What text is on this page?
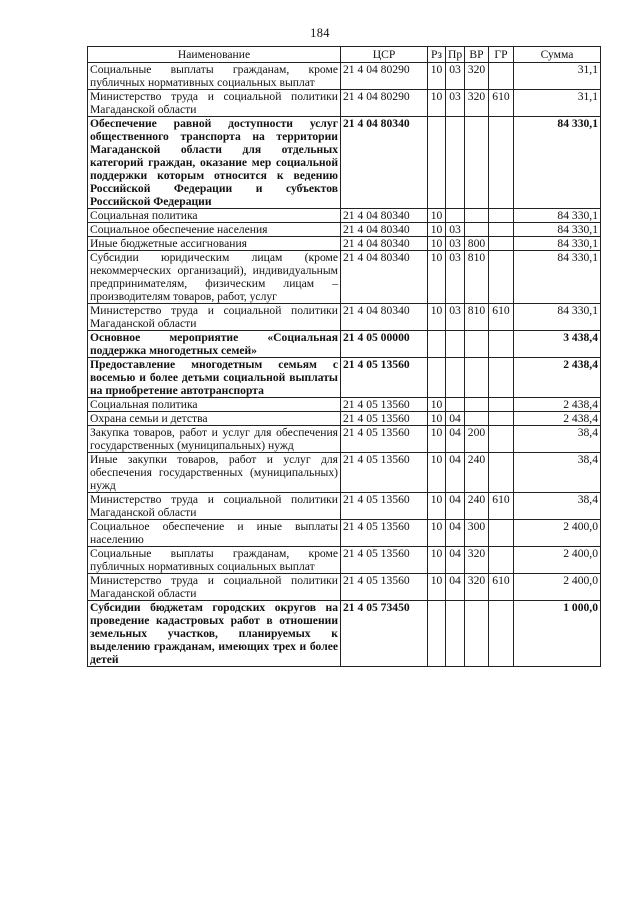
184
Наименование	ЦСР	Рз	Пр	ВР	ГР	Сумма
Социальные выплаты гражданам, кроме публичных нормативных социальных выплат	21 4 04 80290	10	03	320		31,1
Министерство труда и социальной политики Магаданской области	21 4 04 80290	10	03	320	610	31,1
Обеспечение равной доступности услуг общественного транспорта на территории Магаданской области для отдельных категорий граждан, оказание мер социальной поддержки которым относится к ведению Российской Федерации и субъектов Российской Федерации	21 4 04 80340					84 330,1
Социальная политика	21 4 04 80340	10				84 330,1
Социальное обеспечение населения	21 4 04 80340	10	03			84 330,1
Иные бюджетные ассигнования	21 4 04 80340	10	03	800		84 330,1
Субсидии юридическим лицам (кроме некоммерческих организаций), индивидуальным предпринимателям, физическим лицам – производителям товаров, работ, услуг	21 4 04 80340	10	03	810		84 330,1
Министерство труда и социальной политики Магаданской области	21 4 04 80340	10	03	810	610	84 330,1
Основное мероприятие «Социальная поддержка многодетных семей»	21 4 05 00000					3 438,4
Предоставление многодетным семьям с восемью и более детьми социальной выплаты на приобретение автотранспорта	21 4 05 13560					2 438,4
Социальная политика	21 4 05 13560	10				2 438,4
Охрана семьи и детства	21 4 05 13560	10	04			2 438,4
Закупка товаров, работ и услуг для обеспечения государственных (муниципальных) нужд	21 4 05 13560	10	04	200		38,4
Иные закупки товаров, работ и услуг для обеспечения государственных (муниципальных) нужд	21 4 05 13560	10	04	240		38,4
Министерство труда и социальной политики Магаданской области	21 4 05 13560	10	04	240	610	38,4
Социальное обеспечение и иные выплаты населению	21 4 05 13560	10	04	300		2 400,0
Социальные выплаты гражданам, кроме публичных нормативных социальных выплат	21 4 05 13560	10	04	320		2 400,0
Министерство труда и социальной политики Магаданской области	21 4 05 13560	10	04	320	610	2 400,0
Субсидии бюджетам городских округов на проведение кадастровых работ в отношении земельных участков, планируемых к выделению гражданам, имеющих трех и более детей	21 4 05 73450					1 000,0
